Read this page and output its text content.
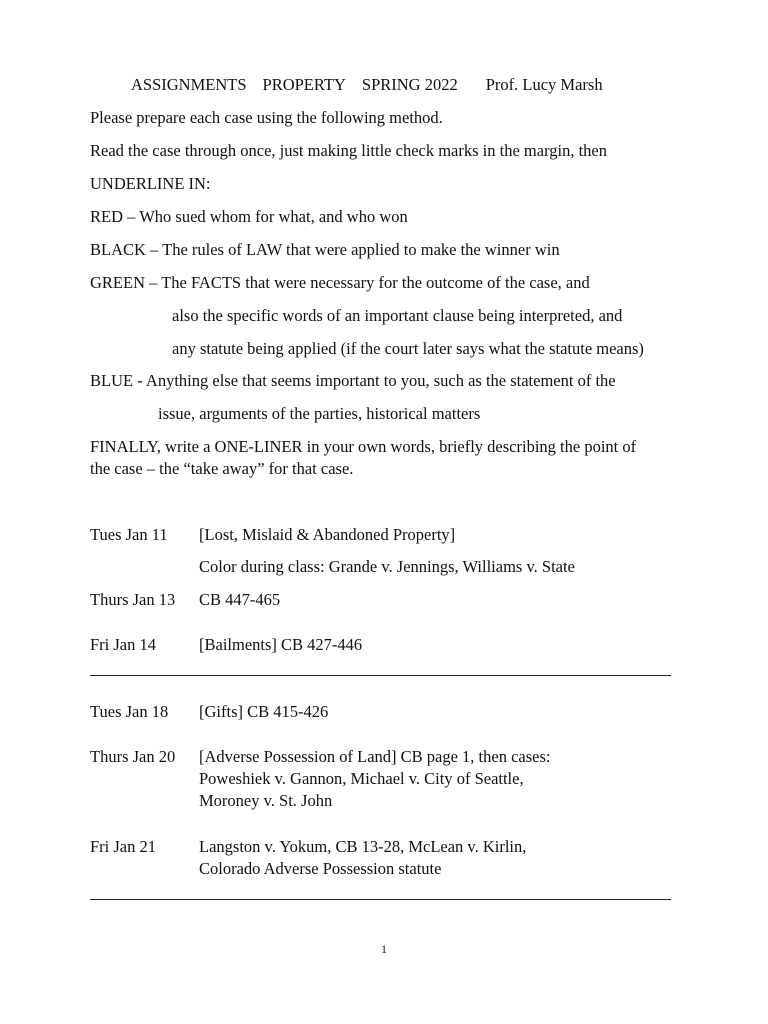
ASSIGNMENTS PROPERTY SPRING 2022 Prof. Lucy Marsh
Please prepare each case using the following method.
Read the case through once, just making little check marks in the margin, then
UNDERLINE IN:
RED – Who sued whom for what, and who won
BLACK – The rules of LAW that were applied to make the winner win
GREEN – The FACTS that were necessary for the outcome of the case, and
also the specific words of an important clause being interpreted, and
any statute being applied (if the court later says what the statute means)
BLUE - Anything else that seems important to you, such as the statement of the
issue, arguments of the parties, historical matters
FINALLY, write a ONE-LINER in your own words, briefly describing the point of
the case – the “take away” for that case.
Tues Jan 11 [Lost, Mislaid & Abandoned Property]
Color during class: Grande v. Jennings, Williams v. State
Thurs Jan 13 CB 447-465
Fri Jan 14	[Bailments] CB 427-446
Tues Jan 18 [Gifts] CB 415-426
Thurs Jan 20 [Adverse Possession of Land] CB page 1, then cases:
Poweshiek v. Gannon, Michael v. City of Seattle,
Moroney v. St. John
Fri Jan 21	Langston v. Yokum, CB 13-28, McLean v. Kirlin,
Colorado Adverse Possession statute
1
